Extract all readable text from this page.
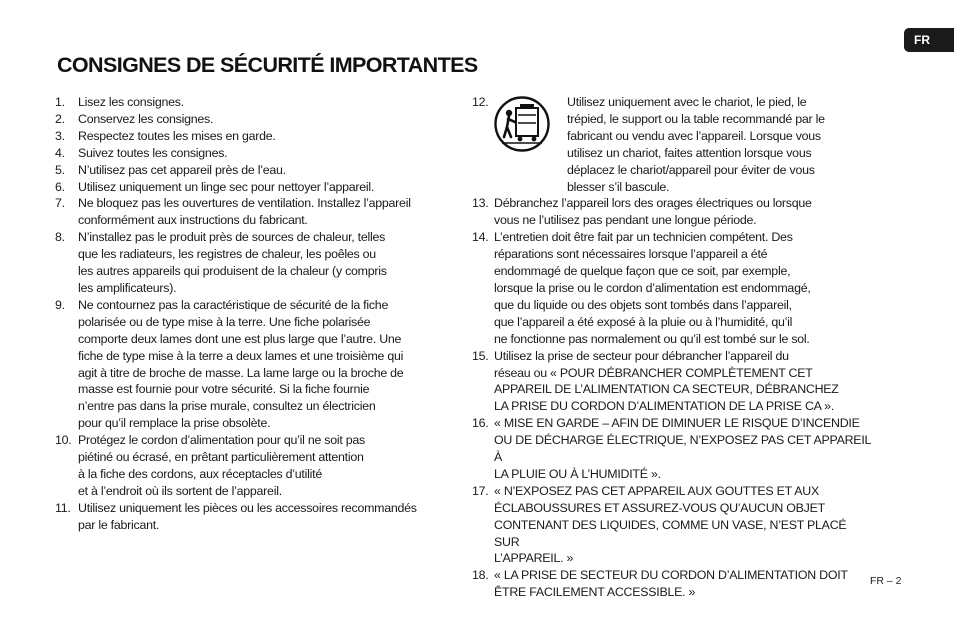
FR
CONSIGNES DE SÉCURITÉ IMPORTANTES
1. Lisez les consignes.
2. Conservez les consignes.
3. Respectez toutes les mises en garde.
4. Suivez toutes les consignes.
5. N’utilisez pas cet appareil près de l’eau.
6. Utilisez uniquement un linge sec pour nettoyer l’appareil.
7. Ne bloquez pas les ouvertures de ventilation. Installez l’appareil
conformément aux instructions du fabricant.
8. N’installez pas le produit près de sources de chaleur, telles
que les radiateurs, les registres de chaleur, les poêles ou
les autres appareils qui produisent de la chaleur (y compris
les amplificateurs).
9. Ne contournez pas la caractéristique de sécurité de la fiche
polarisée ou de type mise à la terre. Une fiche polarisée
comporte deux lames dont une est plus large que l’autre. Une
fiche de type mise à la terre a deux lames et une troisième qui
agit à titre de broche de masse. La lame large ou la broche de
masse est fournie pour votre sécurité. Si la fiche fournie
n’entre pas dans la prise murale, consultez un électricien
pour qu’il remplace la prise obsolète.
10. Protégez le cordon d’alimentation pour qu’il ne soit pas
piétiné ou écrasé, en prêtant particulièrement attention
à la fiche des cordons, aux réceptacles d’utilité
et à l’endroit où ils sortent de l’appareil.
11. Utilisez uniquement les pièces ou les accessoires recommandés
par le fabricant.
12.	Utilisez uniquement avec le chariot, le pied, le
trépied, le support ou la table recommandé par le
fabricant ou vendu avec l’appareil. Lorsque vous
utilisez un chariot, faites attention lorsque vous
déplacez le chariot/appareil pour éviter de vous
blesser s’il bascule.
13. Débranchez l’appareil lors des orages électriques ou lorsque
vous ne l’utilisez pas pendant une longue période.
14. L’entretien doit être fait par un technicien compétent. Des
réparations sont nécessaires lorsque l’appareil a été
endommagé de quelque façon que ce soit, par exemple,
lorsque la prise ou le cordon d’alimentation est endommagé,
que du liquide ou des objets sont tombés dans l’appareil,
que l’appareil a été exposé à la pluie ou à l’humidité, qu’il
ne fonctionne pas normalement ou qu’il est tombé sur le sol.
15. Utilisez la prise de secteur pour débrancher l’appareil du
réseau ou « POUR DÉBRANCHER COMPLÈTEMENT CET
APPAREIL DE L’ALIMENTATION CA SECTEUR, DÉBRANCHEZ
LA PRISE DU CORDON D’ALIMENTATION DE LA PRISE CA ».
16. « MISE EN GARDE – AFIN DE DIMINUER LE RISQUE D’INCENDIE
OU DE DÉCHARGE ÉLECTRIQUE, N’EXPOSEZ PAS CET APPAREIL À
LA PLUIE OU À L’HUMIDITÉ ».
17. « N’EXPOSEZ PAS CET APPAREIL AUX GOUTTES ET AUX
ÉCLABOUSSURES ET ASSUREZ-VOUS QU’AUCUN OBJET
CONTENANT DES LIQUIDES, COMME UN VASE, N’EST PLACÉ SUR
L’APPAREIL. »
18. « LA PRISE DE SECTEUR DU CORDON D’ALIMENTATION DOIT
ÊTRE FACILEMENT ACCESSIBLE. »
FR – 2
